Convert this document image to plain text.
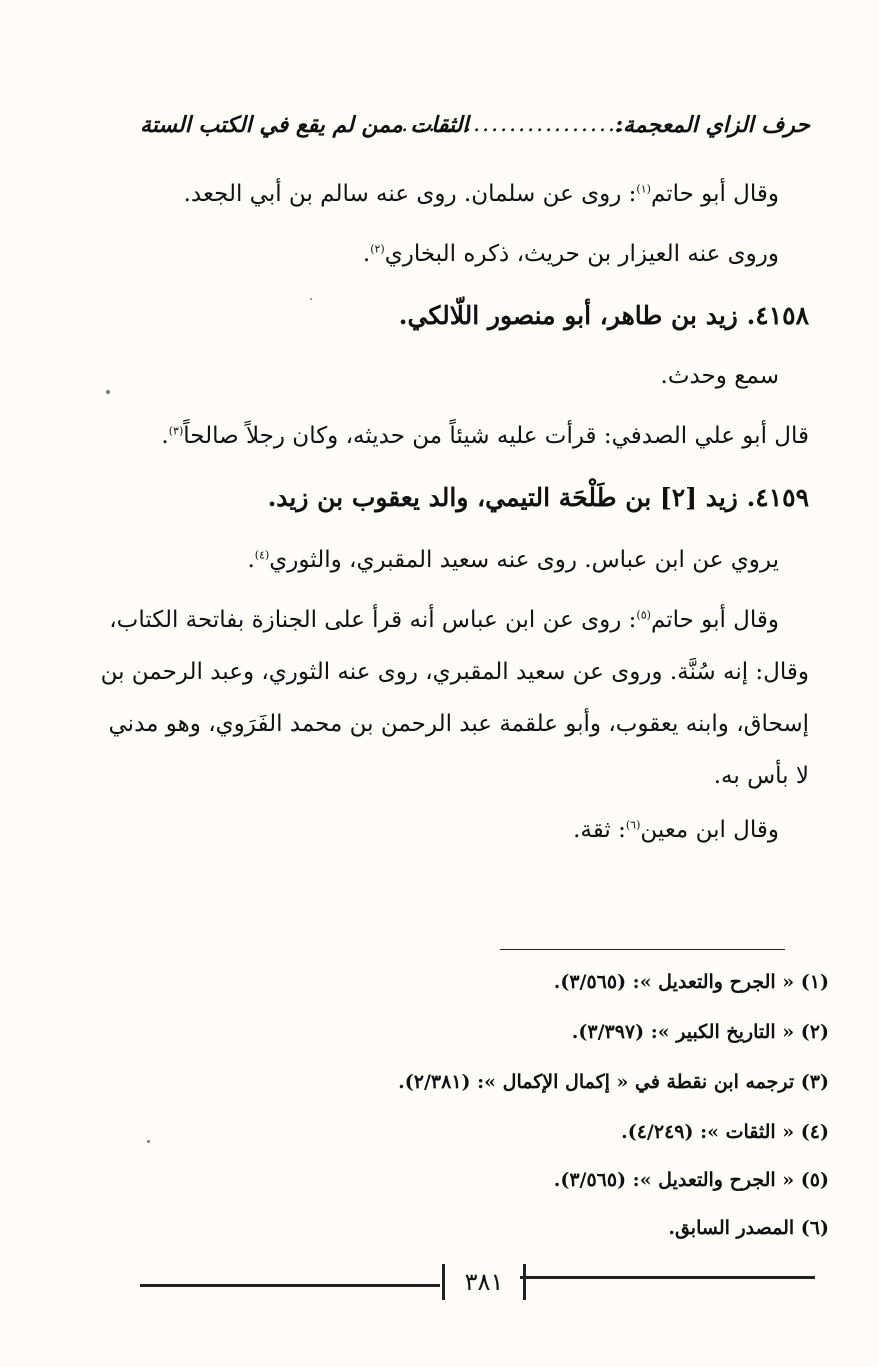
حرف الزاي المعجمة:
..........................
الثقات ممن لم يقع في الكتب الستة
وقال أبو حاتم$^{(١)}$: روى عن سلمان. روى عنه سالم بن أبي الجعد.
وروى عنه العيزار بن حريث، ذكره البخاري$^{(٢)}$.
٤١٥٨. زيد بن طاهر، أبو منصور اللّالكي.
سمع وحدث.
قال أبو علي الصدفي: قرأت عليه شيئاً من حديثه، وكان رجلاً صالحاً$^{(٣)}$.
٤١٥٩. زيد [٢] بن طَلْحَة التيمي، والد يعقوب بن زيد.
يروي عن ابن عباس. روى عنه سعيد المقبري، والثوري$^{(٤)}$.
وقال أبو حاتم$^{(٥)}$: روى عن ابن عباس أنه قرأ على الجنازة بفاتحة الكتاب،
وقال: إنه سُنَّة. وروى عن سعيد المقبري، روى عنه الثوري، وعبد الرحمن بن
إسحاق، وابنه يعقوب، وأبو علقمة عبد الرحمن بن محمد الفَرَوي، وهو مدني
لا بأس به.
وقال ابن معين$^{(٦)}$: ثقة.
(١) « الجرح والتعديل »: (٣/٥٦٥).
(٢) « التاريخ الكبير »: (٣/٣٩٧).
(٣) ترجمه ابن نقطة في « إكمال الإكمال »: (٢/٣٨١).
(٤) « الثقات »: (٤/٢٤٩).
(٥) « الجرح والتعديل »: (٣/٥٦٥).
(٦) المصدر السابق.
٣٨١
